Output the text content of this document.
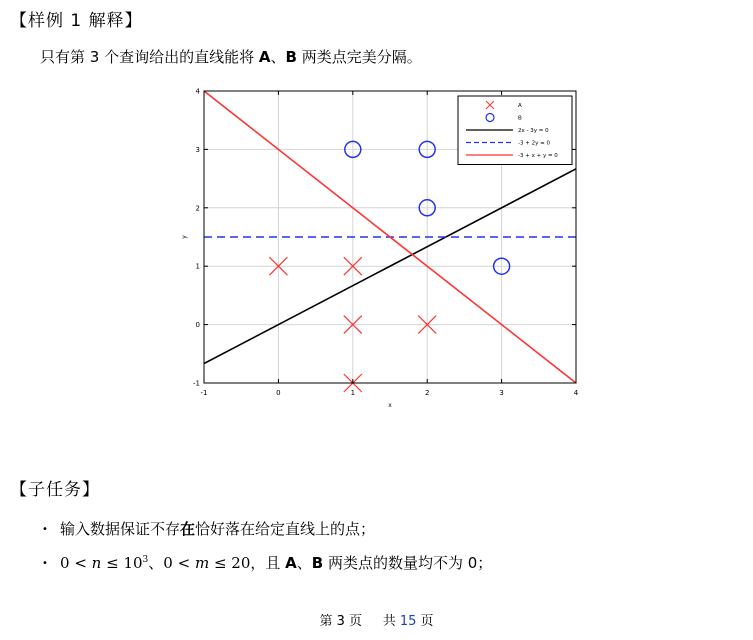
【样例 1 解释】
只有第 3 个查询给出的直线能将 A、B 两类点完美分隔。
-1	0	1	2	3	4
-1
0
1
2
3
4
x
y
A
B
2x - 3y = 0
-3 + 2y = 0
-3 + x + y = 0
【子任务】
• 输入数据保证不存在恰好落在给定直线上的点；
• $0 < n \le 10^3$、0 < m ≤ 20，且 A、B 两类点的数量均不为 0；
第 3 页 共 15 页
